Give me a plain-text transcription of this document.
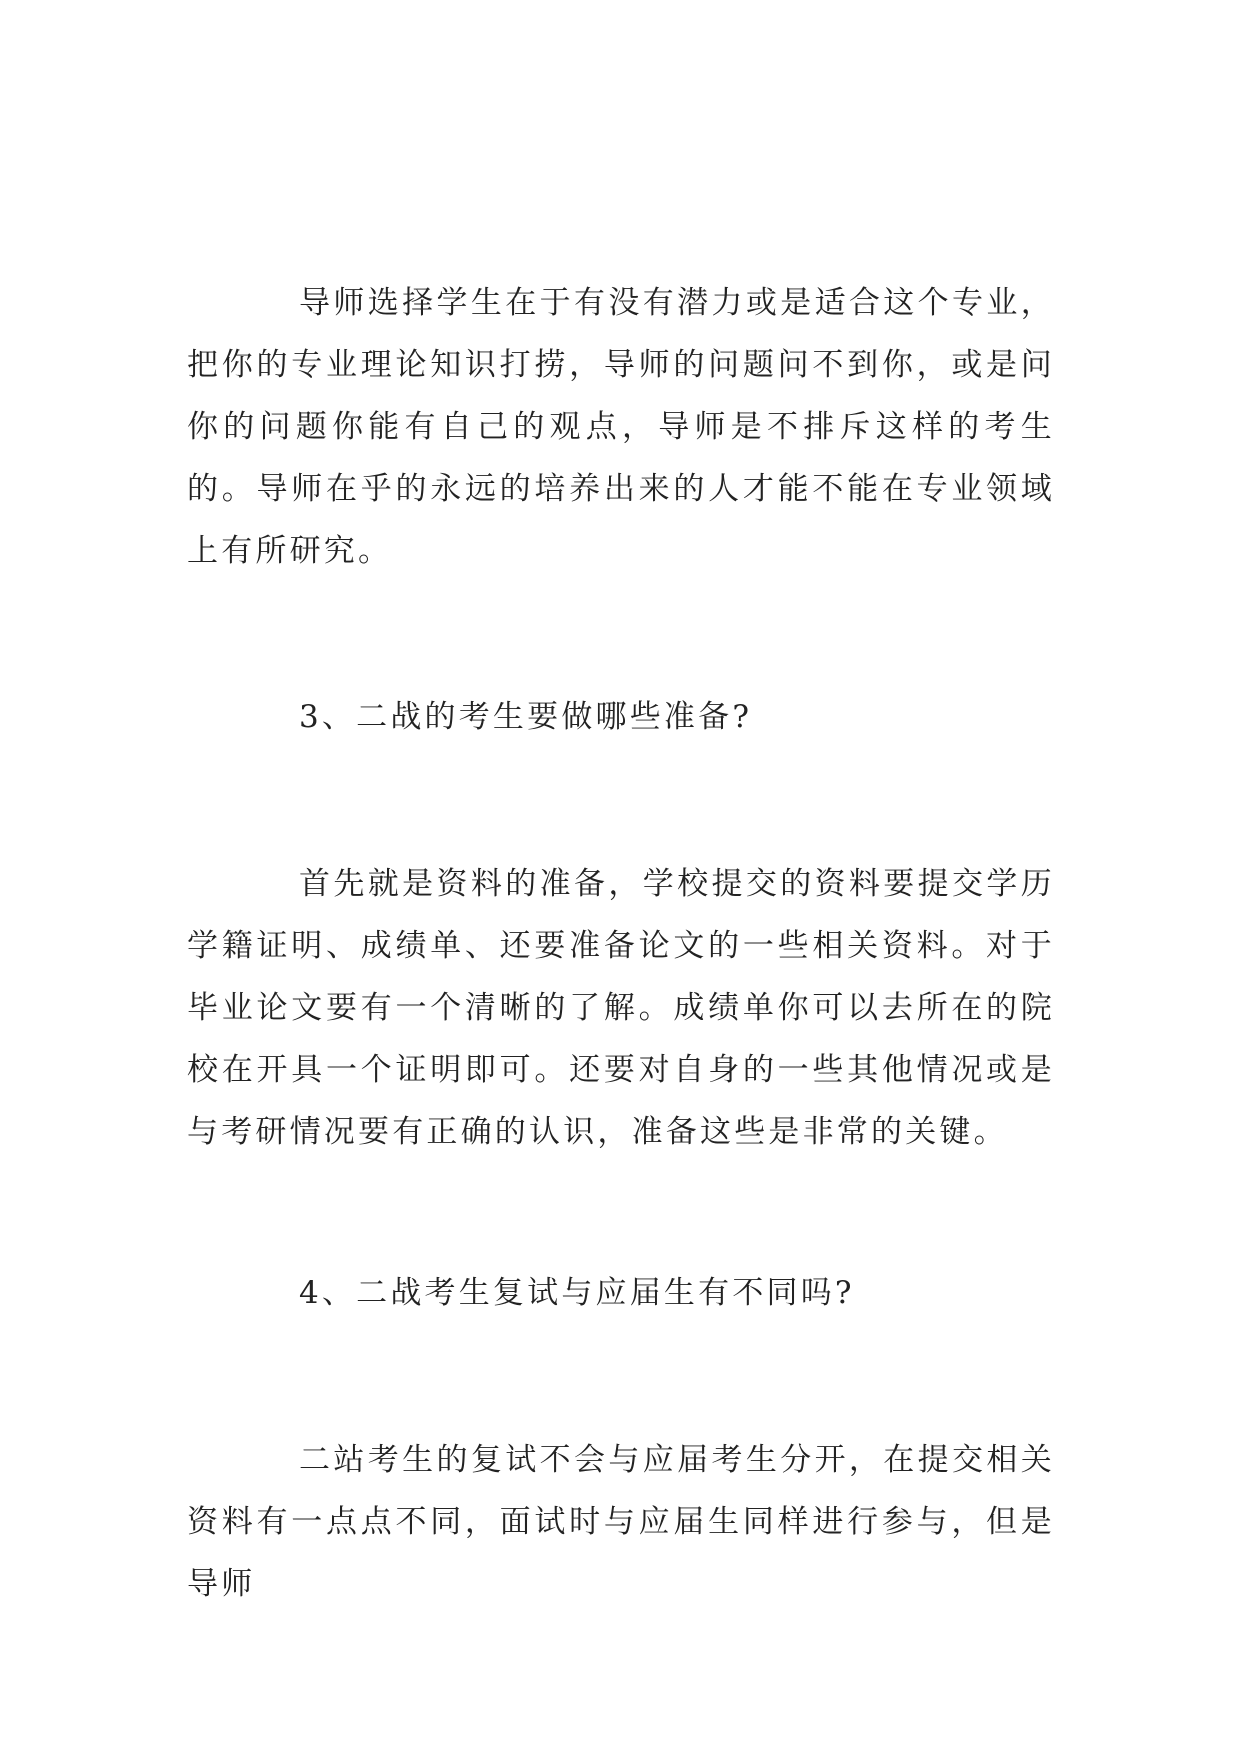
导师选择学生在于有没有潜力或是适合这个专业，把你的专业理论知识打捞，导师的问题问不到你，或是问你的问题你能有自己的观点，导师是不排斥这样的考生的。导师在乎的永远的培养出来的人才能不能在专业领域上有所研究。

3、二战的考生要做哪些准备?

首先就是资料的准备，学校提交的资料要提交学历学籍证明、成绩单、还要准备论文的一些相关资料。对于毕业论文要有一个清晰的了解。成绩单你可以去所在的院校在开具一个证明即可。还要对自身的一些其他情况或是与考研情况要有正确的认识，准备这些是非常的关键。

4、二战考生复试与应届生有不同吗?

二站考生的复试不会与应届考生分开，在提交相关资料有一点点不同，面试时与应届生同样进行参与，但是导师
